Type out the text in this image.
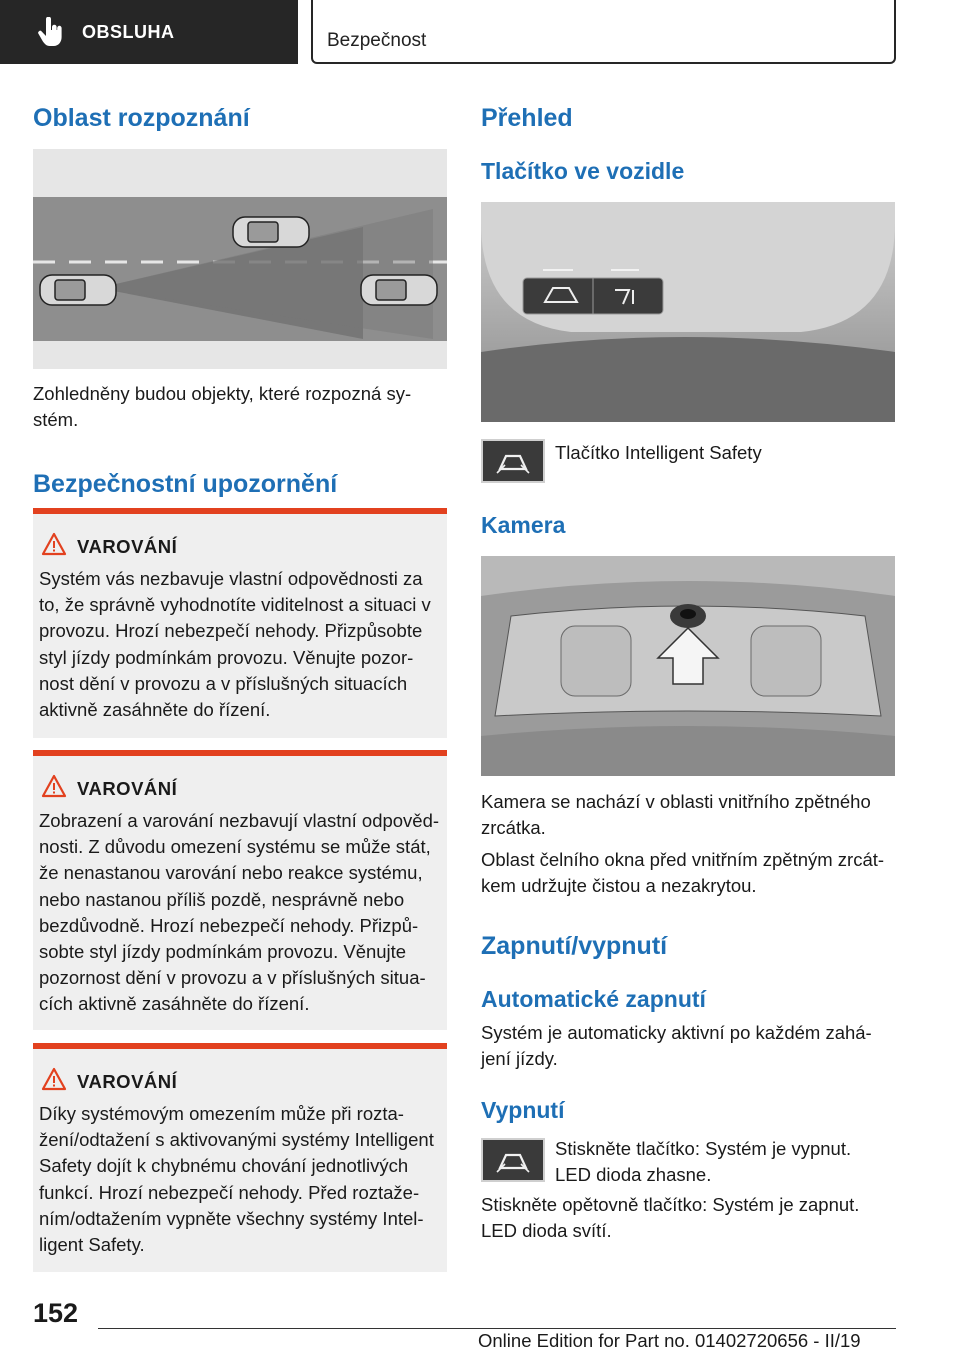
OBSLUHA	Bezpečnost
Oblast rozpoznání
Zohledněny budou objekty, které rozpozná sy-
stém.
Bezpečnostní upozornění
VAROVÁNÍ
Systém vás nezbavuje vlastní odpovědnosti za
to, že správně vyhodnotíte viditelnost a situaci v
provozu. Hrozí nebezpečí nehody. Přizpůsobte
styl jízdy podmínkám provozu. Věnujte pozor-
nost dění v provozu a v příslušných situacích
aktivně zasáhněte do řízení.
VAROVÁNÍ
Zobrazení a varování nezbavují vlastní odpověd-
nosti. Z důvodu omezení systému se může stát,
že nenastanou varování nebo reakce systému,
nebo nastanou příliš pozdě, nesprávně nebo
bezdůvodně. Hrozí nebezpečí nehody. Přizpů-
sobte styl jízdy podmínkám provozu. Věnujte
pozornost dění v provozu a v příslušných situa-
cích aktivně zasáhněte do řízení.
VAROVÁNÍ
Díky systémovým omezením může při rozta-
žení/odtažení s aktivovanými systémy Intelligent
Safety dojít k chybnému chování jednotlivých
funkcí. Hrozí nebezpečí nehody. Před roztaže-
ním/odtažením vypněte všechny systémy Intel-
ligent Safety.
Přehled
Tlačítko ve vozidle
Tlačítko Intelligent Safety
Kamera
Kamera se nachází v oblasti vnitřního zpětného
zrcátka.
Oblast čelního okna před vnitřním zpětným zrcát-
kem udržujte čistou a nezakrytou.
Zapnutí/vypnutí
Automatické zapnutí
Systém je automaticky aktivní po každém zahá-
jení jízdy.
Vypnutí
Stiskněte tlačítko: Systém je vypnut.
LED dioda zhasne.
Stiskněte opětovně tlačítko: Systém je zapnut.
LED dioda svítí.
152
Online Edition for Part no. 01402720656 - II/19
